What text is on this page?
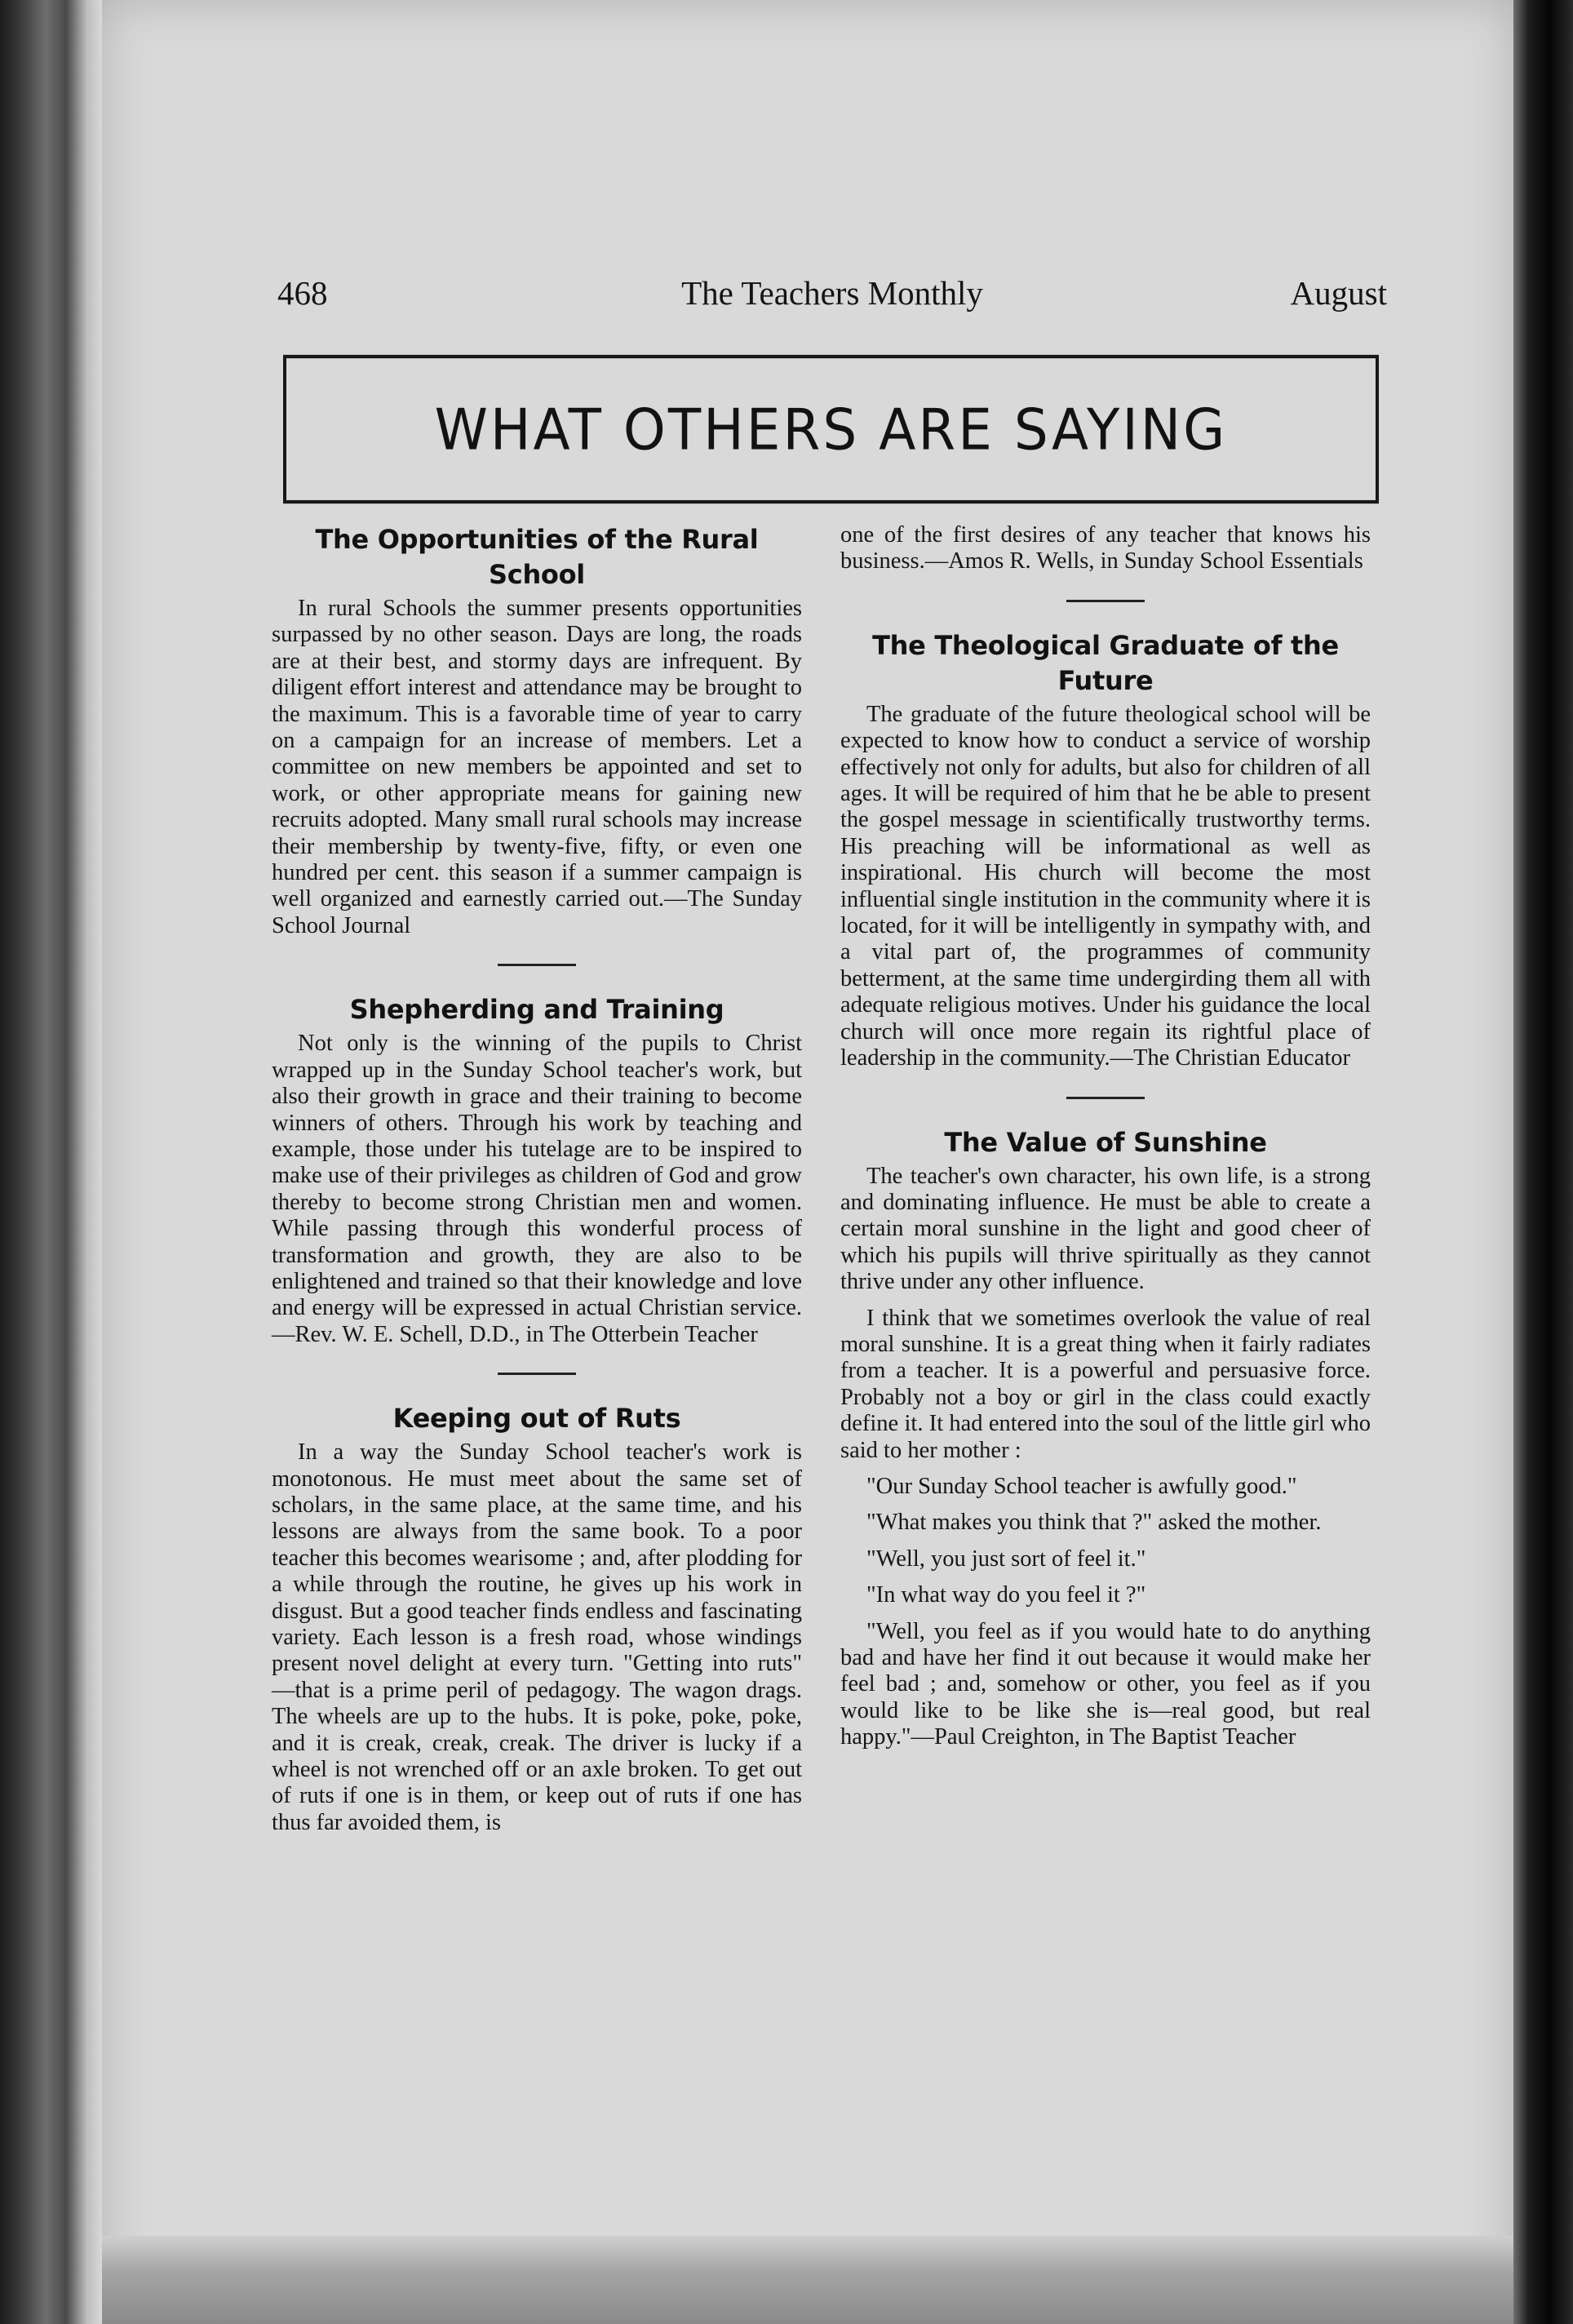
468	The Teachers Monthly	August
WHAT OTHERS ARE SAYING
The Opportunities of the Rural School

In rural Schools the summer presents opportunities surpassed by no other season. Days are long, the roads are at their best, and stormy days are infrequent. By diligent effort interest and attendance may be brought to the maximum. This is a favorable time of year to carry on a campaign for an increase of members. Let a committee on new members be appointed and set to work, or other appropriate means for gaining new recruits adopted. Many small rural schools may increase their membership by twenty-five, fifty, or even one hundred per cent. this season if a summer campaign is well organized and earnestly carried out.—The Sunday School Journal

Shepherding and Training

Not only is the winning of the pupils to Christ wrapped up in the Sunday School teacher's work, but also their growth in grace and their training to become winners of others. Through his work by teaching and example, those under his tutelage are to be inspired to make use of their privileges as children of God and grow thereby to become strong Christian men and women. While passing through this wonderful process of transformation and growth, they are also to be enlightened and trained so that their knowledge and love and energy will be expressed in actual Christian service.—Rev. W. E. Schell, D.D., in The Otterbein Teacher

Keeping out of Ruts

In a way the Sunday School teacher's work is monotonous. He must meet about the same set of scholars, in the same place, at the same time, and his lessons are always from the same book. To a poor teacher this becomes wearisome ; and, after plodding for a while through the routine, he gives up his work in disgust. But a good teacher finds endless and fascinating variety. Each lesson is a fresh road, whose windings present novel delight at every turn. "Getting into ruts" —that is a prime peril of pedagogy. The wagon drags. The wheels are up to the hubs. It is poke, poke, poke, and it is creak, creak, creak. The driver is lucky if a wheel is not wrenched off or an axle broken. To get out of ruts if one is in them, or keep out of ruts if one has thus far avoided them, is

one of the first desires of any teacher that knows his business.—Amos R. Wells, in Sunday School Essentials

The Theological Graduate of the Future

The graduate of the future theological school will be expected to know how to conduct a service of worship effectively not only for adults, but also for children of all ages. It will be required of him that he be able to present the gospel message in scientifically trustworthy terms. His preaching will be informational as well as inspirational. His church will become the most influential single institution in the community where it is located, for it will be intelligently in sympathy with, and a vital part of, the programmes of community betterment, at the same time undergirding them all with adequate religious motives. Under his guidance the local church will once more regain its rightful place of leadership in the community.—The Christian Educator

The Value of Sunshine

The teacher's own character, his own life, is a strong and dominating influence. He must be able to create a certain moral sunshine in the light and good cheer of which his pupils will thrive spiritually as they cannot thrive under any other influence.

I think that we sometimes overlook the value of real moral sunshine. It is a great thing when it fairly radiates from a teacher. It is a powerful and persuasive force. Probably not a boy or girl in the class could exactly define it. It had entered into the soul of the little girl who said to her mother :

"Our Sunday School teacher is awfully good."

"What makes you think that ?" asked the mother.

"Well, you just sort of feel it."

"In what way do you feel it ?"

"Well, you feel as if you would hate to do anything bad and have her find it out because it would make her feel bad ; and, somehow or other, you feel as if you would like to be like she is—real good, but real happy."—Paul Creighton, in The Baptist Teacher
